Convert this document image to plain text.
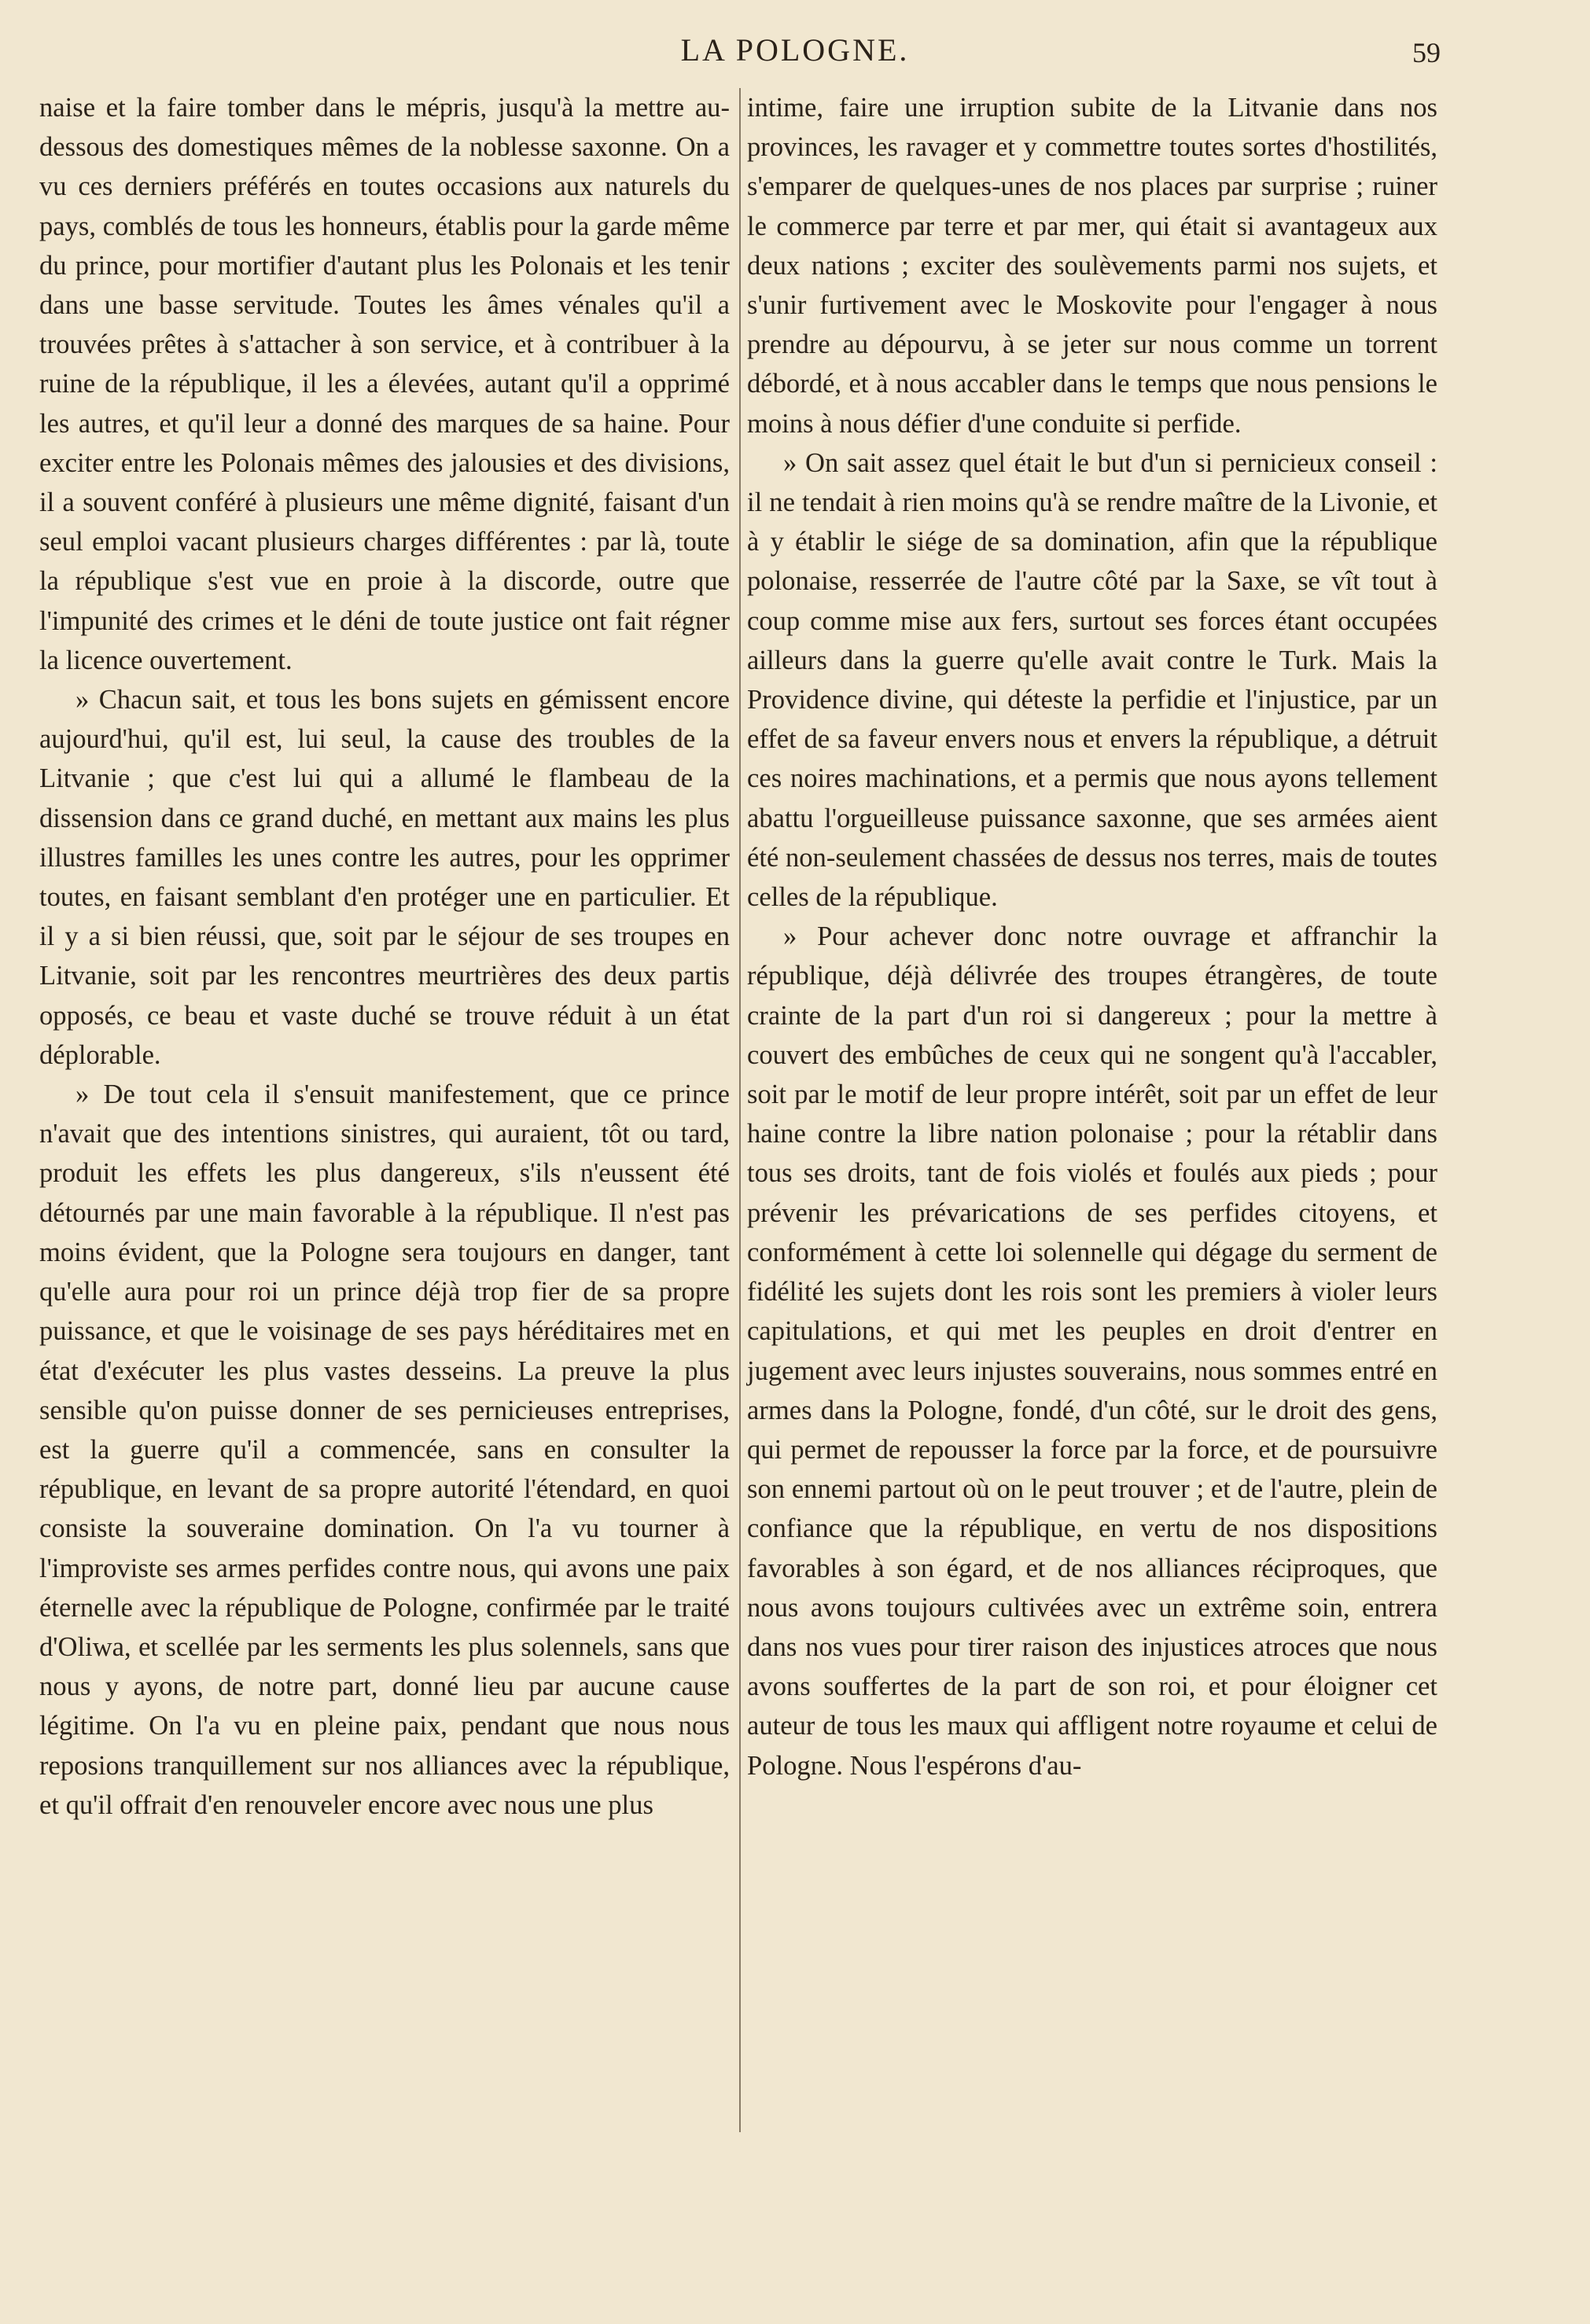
LA POLOGNE.	59

naise et la faire tomber dans le mépris, jusqu'à la mettre au-dessous des domestiques mêmes de la noblesse saxonne. On a vu ces derniers préférés en toutes occasions aux naturels du pays, comblés de tous les honneurs, établis pour la garde même du prince, pour mortifier d'autant plus les Polonais et les tenir dans une basse servitude. Toutes les âmes vénales qu'il a trouvées prêtes à s'attacher à son service, et à contribuer à la ruine de la république, il les a élevées, autant qu'il a opprimé les autres, et qu'il leur a donné des marques de sa haine. Pour exciter entre les Polonais mêmes des jalousies et des divisions, il a souvent conféré à plusieurs une même dignité, faisant d'un seul emploi vacant plusieurs charges différentes : par là, toute la république s'est vue en proie à la discorde, outre que l'impunité des crimes et le déni de toute justice ont fait régner la licence ouvertement.

» Chacun sait, et tous les bons sujets en gémissent encore aujourd'hui, qu'il est, lui seul, la cause des troubles de la Litvanie ; que c'est lui qui a allumé le flambeau de la dissension dans ce grand duché, en mettant aux mains les plus illustres familles les unes contre les autres, pour les opprimer toutes, en faisant semblant d'en protéger une en particulier. Et il y a si bien réussi, que, soit par le séjour de ses troupes en Litvanie, soit par les rencontres meurtrières des deux partis opposés, ce beau et vaste duché se trouve réduit à un état déplorable.

» De tout cela il s'ensuit manifestement, que ce prince n'avait que des intentions sinistres, qui auraient, tôt ou tard, produit les effets les plus dangereux, s'ils n'eussent été détournés par une main favorable à la république. Il n'est pas moins évident, que la Pologne sera toujours en danger, tant qu'elle aura pour roi un prince déjà trop fier de sa propre puissance, et que le voisinage de ses pays héréditaires met en état d'exécuter les plus vastes desseins. La preuve la plus sensible qu'on puisse donner de ses pernicieuses entreprises, est la guerre qu'il a commencée, sans en consulter la république, en levant de sa propre autorité l'étendard, en quoi consiste la souveraine domination. On l'a vu tourner à l'improviste ses armes perfides contre nous, qui avons une paix éternelle avec la république de Pologne, confirmée par le traité d'Oliwa, et scellée par les serments les plus solennels, sans que nous y ayons, de notre part, donné lieu par aucune cause légitime. On l'a vu en pleine paix, pendant que nous nous reposions tranquillement sur nos alliances avec la république, et qu'il offrait d'en renouveler encore avec nous une plus

intime, faire une irruption subite de la Litvanie dans nos provinces, les ravager et y commettre toutes sortes d'hostilités, s'emparer de quelques-unes de nos places par surprise ; ruiner le commerce par terre et par mer, qui était si avantageux aux deux nations ; exciter des soulèvements parmi nos sujets, et s'unir furtivement avec le Moskovite pour l'engager à nous prendre au dépourvu, à se jeter sur nous comme un torrent débordé, et à nous accabler dans le temps que nous pensions le moins à nous défier d'une conduite si perfide.

» On sait assez quel était le but d'un si pernicieux conseil : il ne tendait à rien moins qu'à se rendre maître de la Livonie, et à y établir le siége de sa domination, afin que la république polonaise, resserrée de l'autre côté par la Saxe, se vît tout à coup comme mise aux fers, surtout ses forces étant occupées ailleurs dans la guerre qu'elle avait contre le Turk. Mais la Providence divine, qui déteste la perfidie et l'injustice, par un effet de sa faveur envers nous et envers la république, a détruit ces noires machinations, et a permis que nous ayons tellement abattu l'orgueilleuse puissance saxonne, que ses armées aient été non-seulement chassées de dessus nos terres, mais de toutes celles de la république.

» Pour achever donc notre ouvrage et affranchir la république, déjà délivrée des troupes étrangères, de toute crainte de la part d'un roi si dangereux ; pour la mettre à couvert des embûches de ceux qui ne songent qu'à l'accabler, soit par le motif de leur propre intérêt, soit par un effet de leur haine contre la libre nation polonaise ; pour la rétablir dans tous ses droits, tant de fois violés et foulés aux pieds ; pour prévenir les prévarications de ses perfides citoyens, et conformément à cette loi solennelle qui dégage du serment de fidélité les sujets dont les rois sont les premiers à violer leurs capitulations, et qui met les peuples en droit d'entrer en jugement avec leurs injustes souverains, nous sommes entré en armes dans la Pologne, fondé, d'un côté, sur le droit des gens, qui permet de repousser la force par la force, et de poursuivre son ennemi partout où on le peut trouver ; et de l'autre, plein de confiance que la république, en vertu de nos dispositions favorables à son égard, et de nos alliances réciproques, que nous avons toujours cultivées avec un extrême soin, entrera dans nos vues pour tirer raison des injustices atroces que nous avons souffertes de la part de son roi, et pour éloigner cet auteur de tous les maux qui affligent notre royaume et celui de Pologne. Nous l'espérons d'au-
